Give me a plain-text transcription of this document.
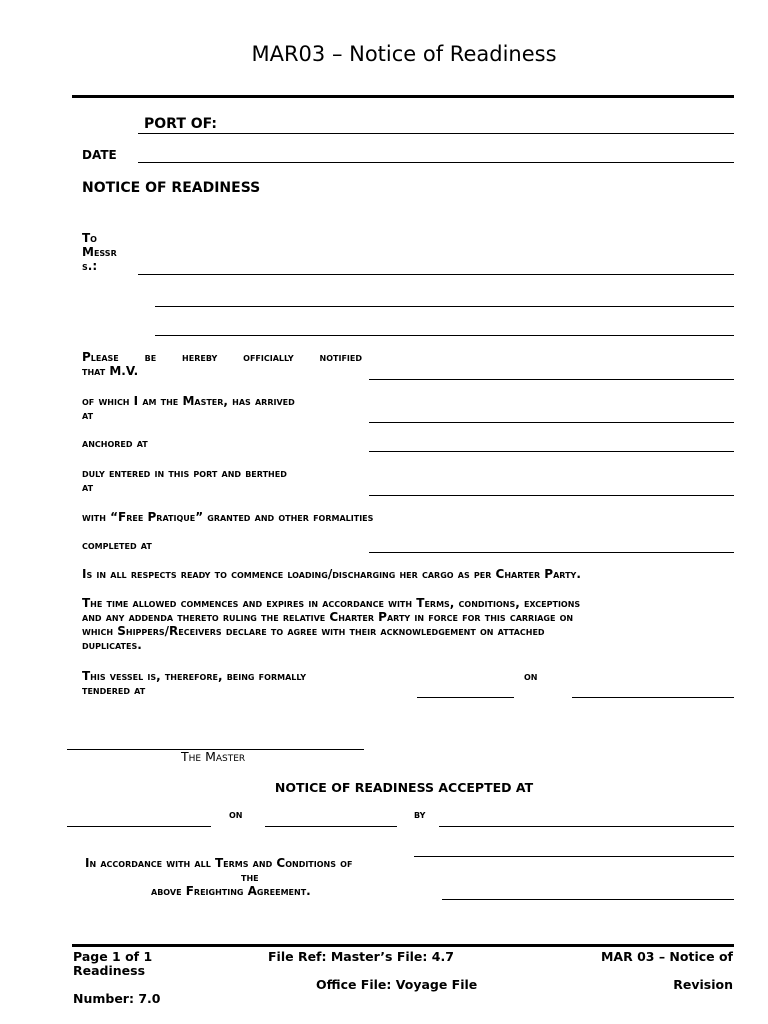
MAR03 – Notice of Readiness
PORT OF:
DATE
NOTICE OF READINESS
To
Messr
s.:
Please be hereby officially notified
that M.V.
of which I am the Master, has arrived
at
anchored at
duly entered in this port and berthed
at
with “Free Pratique” granted and other formalities
completed at
Is in all respects ready to commence loading/discharging her cargo as per Charter Party.
The time allowed commences and expires in accordance with Terms, conditions, exceptions
and any addenda thereto ruling the relative Charter Party in force for this carriage on
which Shippers/Receivers declare to agree with their acknowledgement on attached
duplicates.
This vessel is, therefore, being formally
tendered at
on
The Master
NOTICE OF READINESS ACCEPTED AT
on	by
In accordance with all Terms and Conditions of
the
above Freighting Agreement.
Page 1 of 1
Readiness
Number: 7.0
File Ref: Master’s File: 4.7
Office File: Voyage File
MAR 03 – Notice of
Revision
